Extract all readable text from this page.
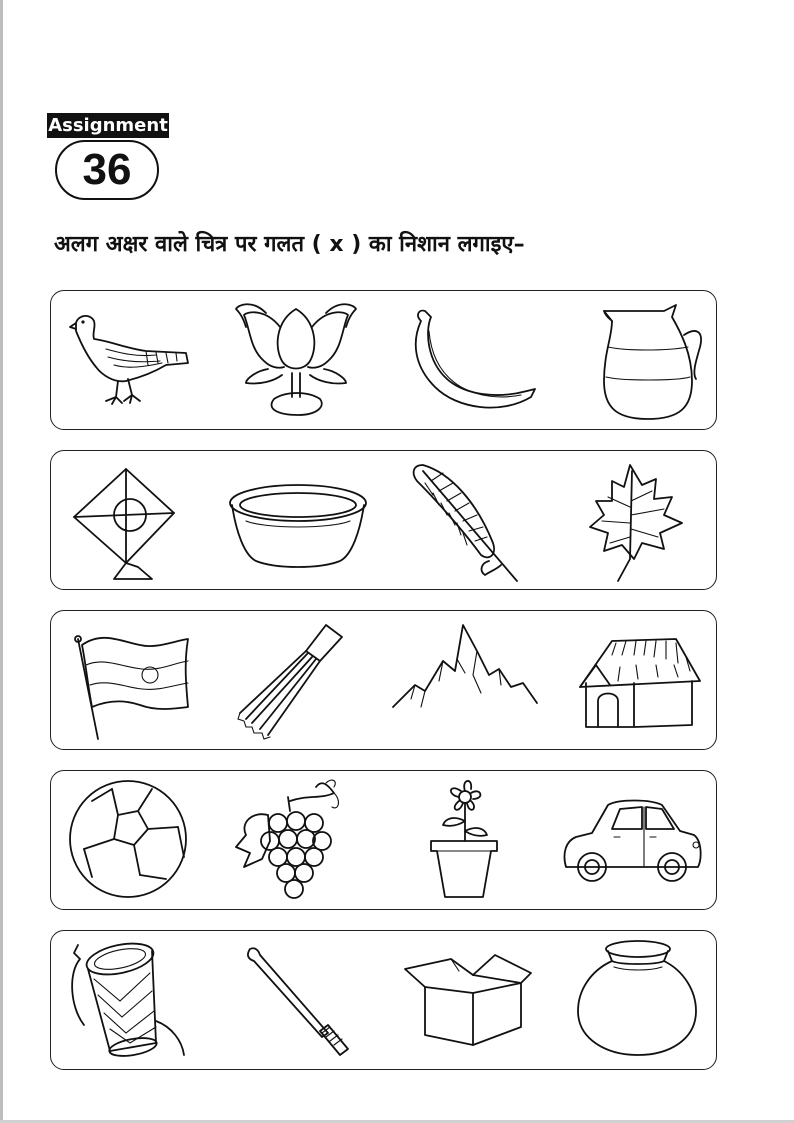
Assignment
36
अलग अक्षर वाले चित्र पर गलत ( x ) का निशान लगाइए–
